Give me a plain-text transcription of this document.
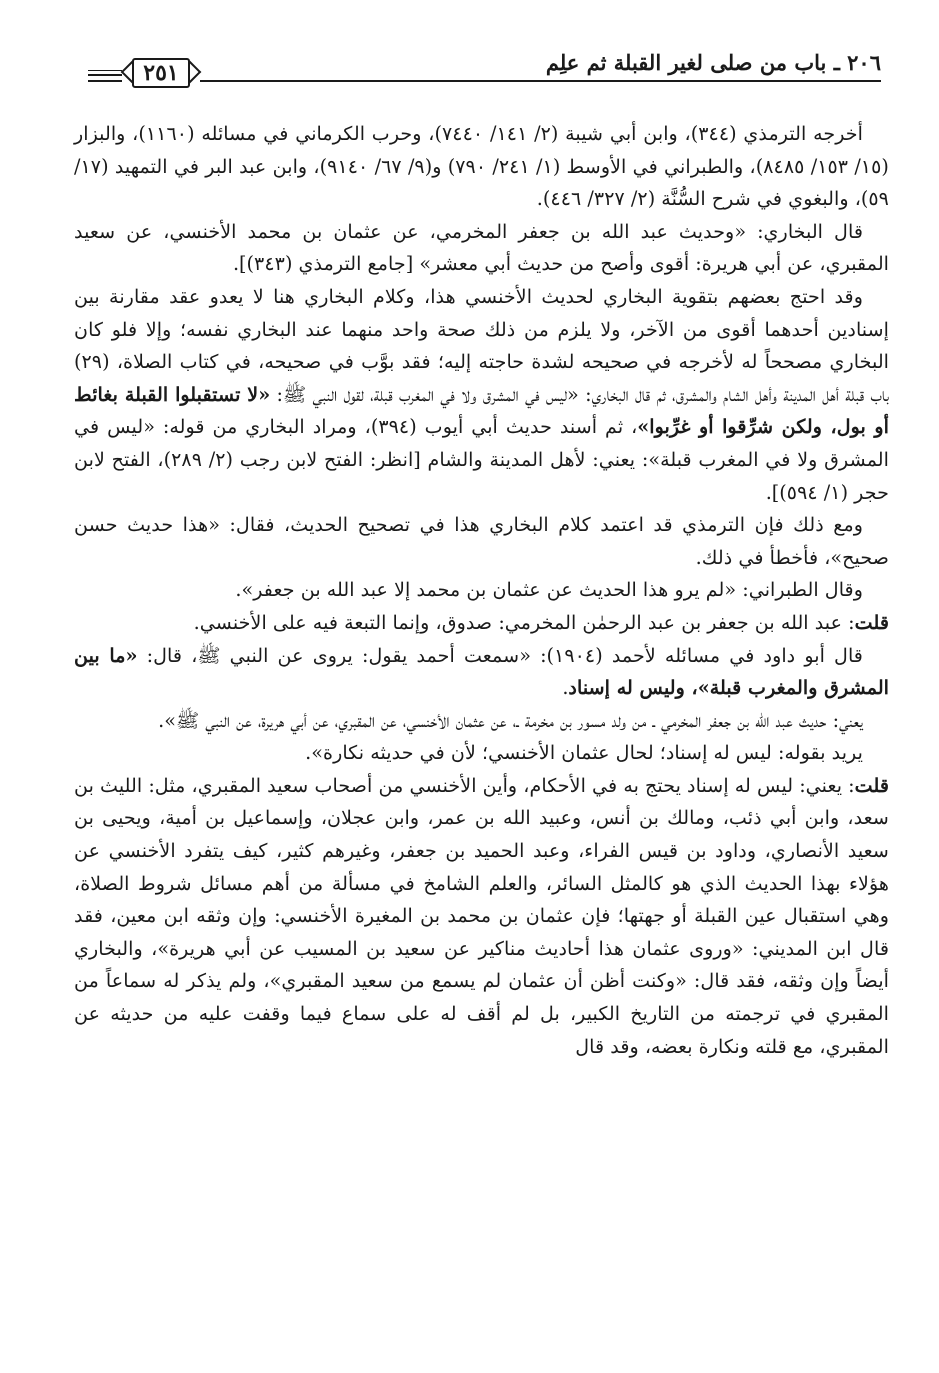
٢٠٦ ـ باب من صلى لغير القبلة ثم علِم
٢٥١

أخرجه الترمذي (٣٤٤)، وابن أبي شيبة (٢/ ١٤١/ ٧٤٤٠)، وحرب الكرماني في مسائله (١١٦٠)، والبزار (١٥/ ١٥٣/ ٨٤٨٥)، والطبراني في الأوسط (١/ ٢٤١/ ٧٩٠) و(٩/ ٦٧/ ٩١٤٠)، وابن عبد البر في التمهيد (١٧/ ٥٩)، والبغوي في شرح السُّنَّة (٢/ ٣٢٧/ ٤٤٦).

قال البخاري: «وحديث عبد الله بن جعفر المخرمي، عن عثمان بن محمد الأخنسي، عن سعيد المقبري، عن أبي هريرة: أقوى وأصح من حديث أبي معشر» [جامع الترمذي (٣٤٣)].

وقد احتج بعضهم بتقوية البخاري لحديث الأخنسي هذا، وكلام البخاري هنا لا يعدو عقد مقارنة بين إسنادين أحدهما أقوى من الآخر، ولا يلزم من ذلك صحة واحد منهما عند البخاري نفسه؛ وإلا فلو كان البخاري مصححاً له لأخرجه في صحيحه لشدة حاجته إليه؛ فقد بوَّب في صحيحه، في كتاب الصلاة، (٢٩) باب قبلة أهل المدينة وأهل الشام والمشرق، ثم قال البخاري: «ليس في المشرق ولا في المغرب قبلة، لقول النبي ﷺ: «لا تستقبلوا القبلة بغائط أو بول، ولكن شرِّقوا أو غرِّبوا»، ثم أسند حديث أبي أيوب (٣٩٤)، ومراد البخاري من قوله: «ليس في المشرق ولا في المغرب قبلة»: يعني: لأهل المدينة والشام [انظر: الفتح لابن رجب (٢/ ٢٨٩)، الفتح لابن حجر (١/ ٥٩٤)].

ومع ذلك فإن الترمذي قد اعتمد كلام البخاري هذا في تصحيح الحديث، فقال: «هذا حديث حسن صحيح»، فأخطأ في ذلك.

وقال الطبراني: «لم يرو هذا الحديث عن عثمان بن محمد إلا عبد الله بن جعفر».

قلت: عبد الله بن جعفر بن عبد الرحمٰن المخرمي: صدوق، وإنما التبعة فيه على الأخنسي.

قال أبو داود في مسائله لأحمد (١٩٠٤): «سمعت أحمد يقول: يروى عن النبي ﷺ، قال: «ما بين المشرق والمغرب قبلة»، وليس له إسناد.

يعني: حديث عبد الله بن جعفر المخرمي ـ من ولد مسور بن مخرمة ـ، عن عثمان الأخنسي، عن المقبري، عن أبي هريرة، عن النبي ﷺ».

يريد بقوله: ليس له إسناد؛ لحال عثمان الأخنسي؛ لأن في حديثه نكارة».

قلت: يعني: ليس له إسناد يحتج به في الأحكام، وأين الأخنسي من أصحاب سعيد المقبري، مثل: الليث بن سعد، وابن أبي ذئب، ومالك بن أنس، وعبيد الله بن عمر، وابن عجلان، وإسماعيل بن أمية، ويحيى بن سعيد الأنصاري، وداود بن قيس الفراء، وعبد الحميد بن جعفر، وغيرهم كثير، كيف يتفرد الأخنسي عن هؤلاء بهذا الحديث الذي هو كالمثل السائر، والعلم الشامخ في مسألة من أهم مسائل شروط الصلاة، وهي استقبال عين القبلة أو جهتها؛ فإن عثمان بن محمد بن المغيرة الأخنسي: وإن وثقه ابن معين، فقد قال ابن المديني: «وروى عثمان هذا أحاديث مناكير عن سعيد بن المسيب عن أبي هريرة»، والبخاري أيضاً وإن وثقه، فقد قال: «وكنت أظن أن عثمان لم يسمع من سعيد المقبري»، ولم يذكر له سماعاً من المقبري في ترجمته من التاريخ الكبير، بل لم أقف له على سماع فيما وقفت عليه من حديثه عن المقبري، مع قلته ونكارة بعضه، وقد قال
